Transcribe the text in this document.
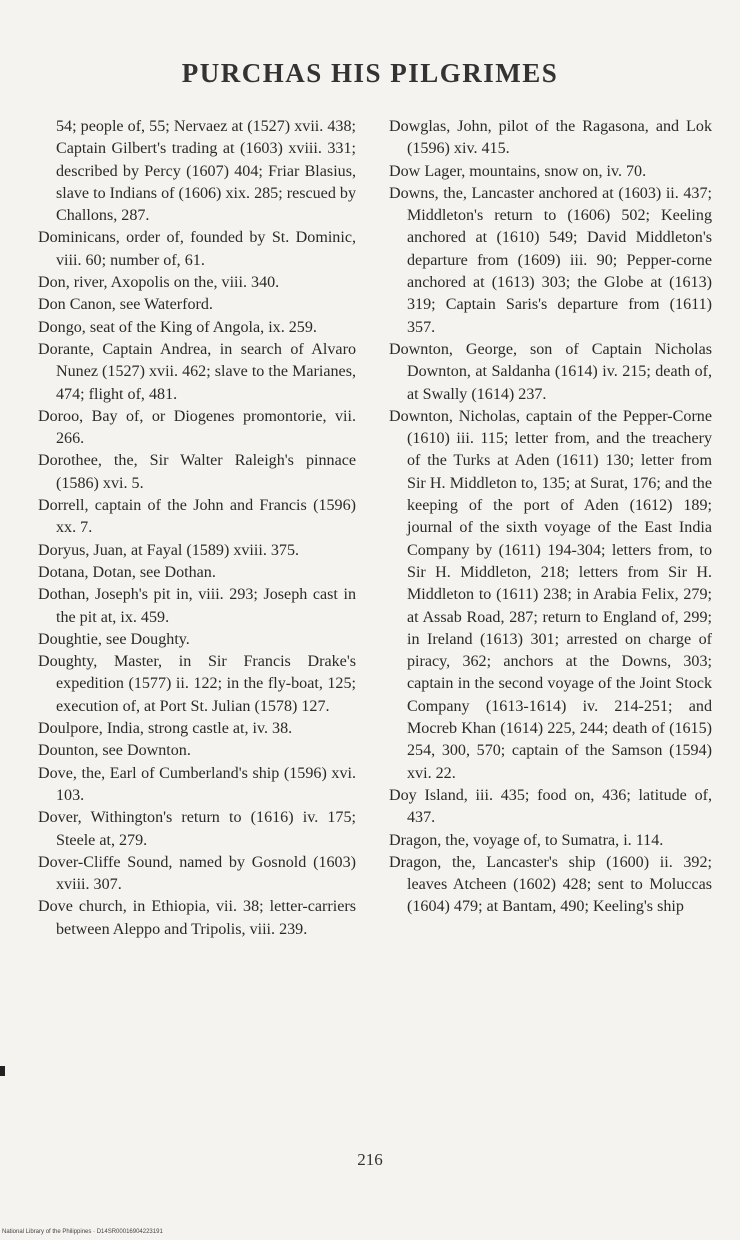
PURCHAS HIS PILGRIMES

54; people of, 55; Nervaez at (1527) xvii. 438; Captain Gilbert's trading at (1603) xviii. 331; described by Percy (1607) 404; Friar Blasius, slave to Indians of (1606) xix. 285; rescued by Challons, 287.

Dominicans, order of, founded by St. Dominic, viii. 60; number of, 61.

Don, river, Axopolis on the, viii. 340.

Don Canon, see Waterford.

Dongo, seat of the King of Angola, ix. 259.

Dorante, Captain Andrea, in search of Alvaro Nunez (1527) xvii. 462; slave to the Marianes, 474; flight of, 481.

Doroo, Bay of, or Diogenes promontorie, vii. 266.

Dorothee, the, Sir Walter Raleigh's pinnace (1586) xvi. 5.

Dorrell, captain of the John and Francis (1596) xx. 7.

Doryus, Juan, at Fayal (1589) xviii. 375.

Dotana, Dotan, see Dothan.

Dothan, Joseph's pit in, viii. 293; Joseph cast in the pit at, ix. 459.

Doughtie, see Doughty.

Doughty, Master, in Sir Francis Drake's expedition (1577) ii. 122; in the fly-boat, 125; execution of, at Port St. Julian (1578) 127.

Doulpore, India, strong castle at, iv. 38.

Dounton, see Downton.

Dove, the, Earl of Cumberland's ship (1596) xvi. 103.

Dover, Withington's return to (1616) iv. 175; Steele at, 279.

Dover-Cliffe Sound, named by Gosnold (1603) xviii. 307.

Dove church, in Ethiopia, vii. 38; letter-carriers between Aleppo and Tripolis, viii. 239.

Dowglas, John, pilot of the Ragasona, and Lok (1596) xiv. 415.

Dow Lager, mountains, snow on, iv. 70.

Downs, the, Lancaster anchored at (1603) ii. 437; Middleton's return to (1606) 502; Keeling anchored at (1610) 549; David Middleton's departure from (1609) iii. 90; Pepper-corne anchored at (1613) 303; the Globe at (1613) 319; Captain Saris's departure from (1611) 357.

Downton, George, son of Captain Nicholas Downton, at Saldanha (1614) iv. 215; death of, at Swally (1614) 237.

Downton, Nicholas, captain of the Pepper-Corne (1610) iii. 115; letter from, and the treachery of the Turks at Aden (1611) 130; letter from Sir H. Middleton to, 135; at Surat, 176; and the keeping of the port of Aden (1612) 189; journal of the sixth voyage of the East India Company by (1611) 194-304; letters from, to Sir H. Middleton, 218; letters from Sir H. Middleton to (1611) 238; in Arabia Felix, 279; at Assab Road, 287; return to England of, 299; in Ireland (1613) 301; arrested on charge of piracy, 362; anchors at the Downs, 303; captain in the second voyage of the Joint Stock Company (1613-1614) iv. 214-251; and Mocreb Khan (1614) 225, 244; death of (1615) 254, 300, 570; captain of the Samson (1594) xvi. 22.

Doy Island, iii. 435; food on, 436; latitude of, 437.

Dragon, the, voyage of, to Sumatra, i. 114.

Dragon, the, Lancaster's ship (1600) ii. 392; leaves Atcheen (1602) 428; sent to Moluccas (1604) 479; at Bantam, 490; Keeling's ship

216
National Library of the Philippines · D14SR00016904223191
